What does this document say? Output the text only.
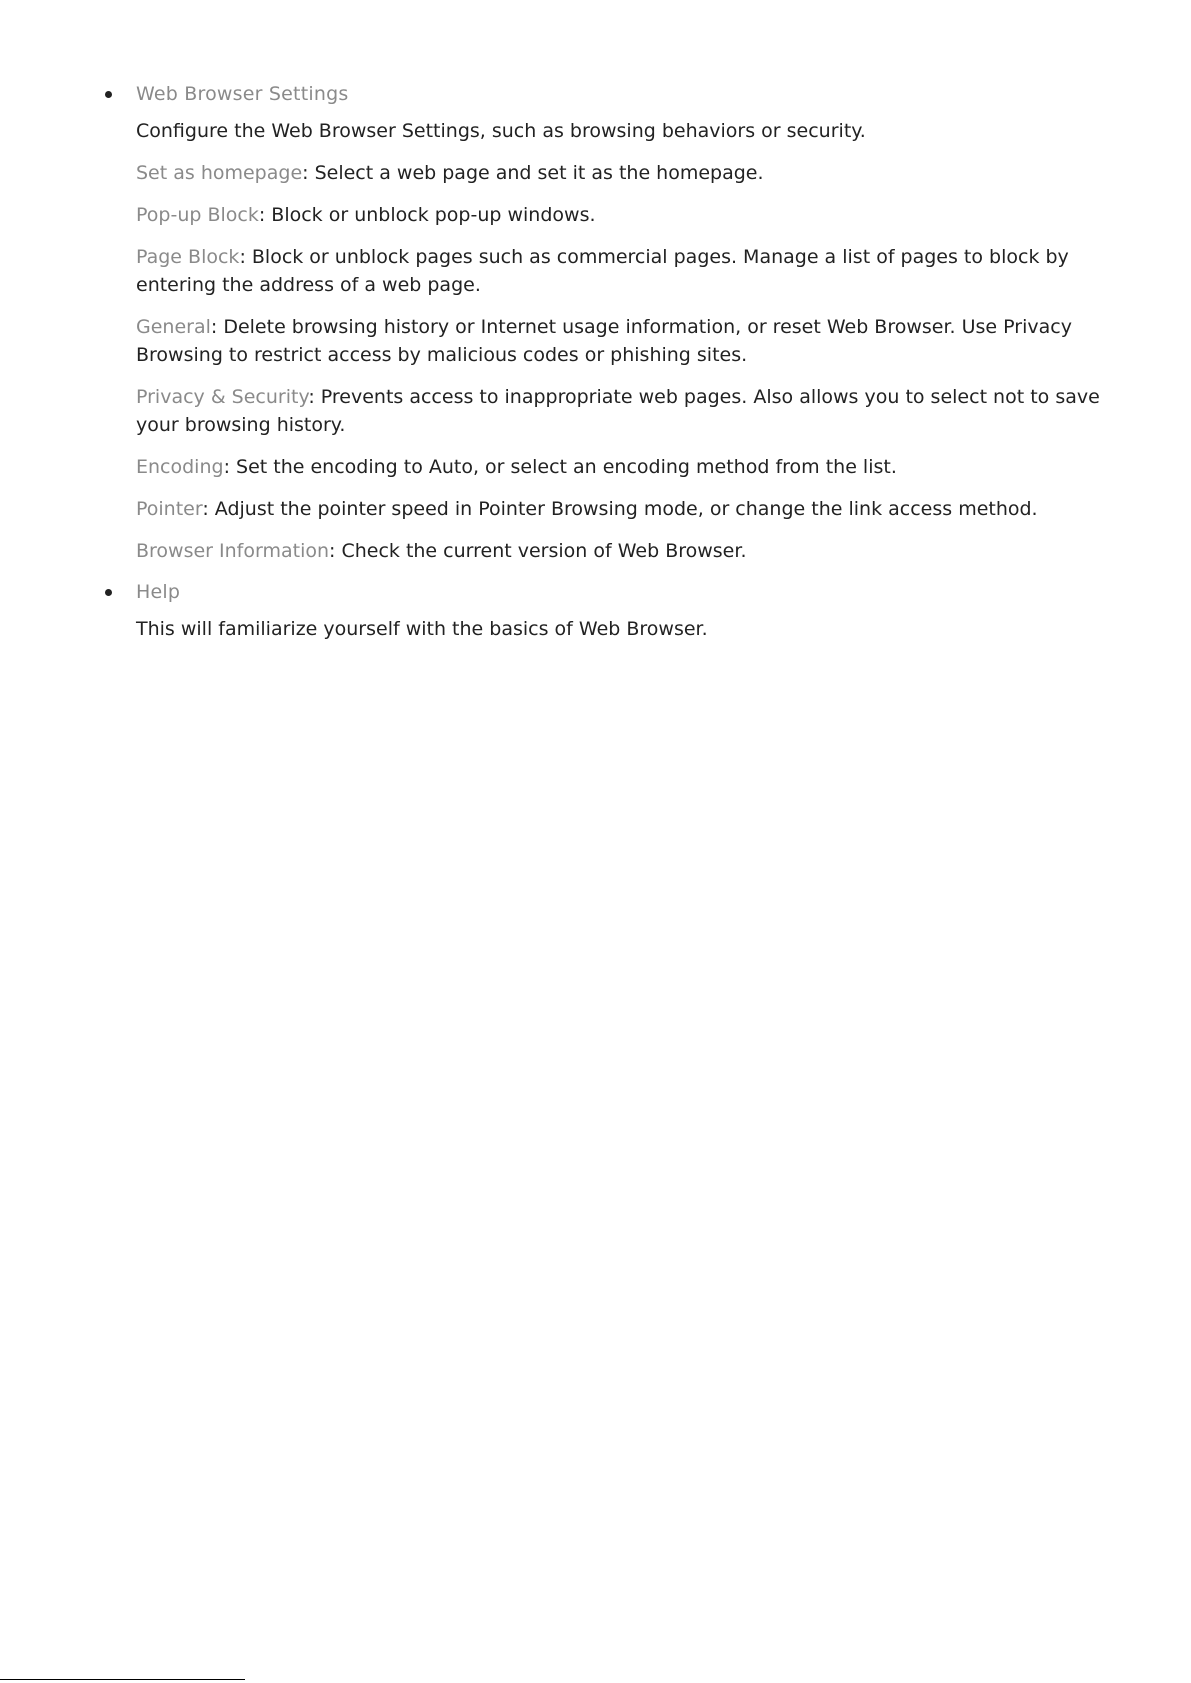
Web Browser Settings

Configure the Web Browser Settings, such as browsing behaviors or security.

Set as homepage: Select a web page and set it as the homepage.

Pop-up Block: Block or unblock pop-up windows.

Page Block: Block or unblock pages such as commercial pages. Manage a list of pages to block by entering the address of a web page.

General: Delete browsing history or Internet usage information, or reset Web Browser. Use Privacy Browsing to restrict access by malicious codes or phishing sites.

Privacy & Security: Prevents access to inappropriate web pages. Also allows you to select not to save your browsing history.

Encoding: Set the encoding to Auto, or select an encoding method from the list.

Pointer: Adjust the pointer speed in Pointer Browsing mode, or change the link access method.

Browser Information: Check the current version of Web Browser.

Help

This will familiarize yourself with the basics of Web Browser.
